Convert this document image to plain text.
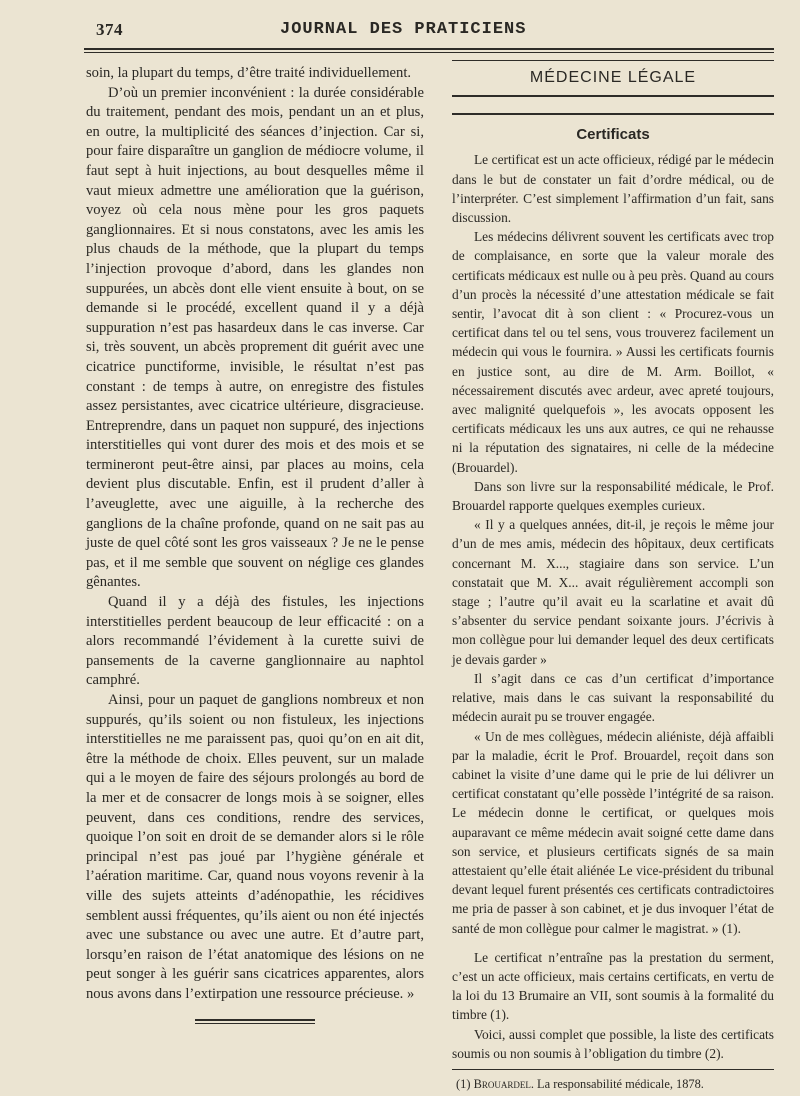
374	JOURNAL DES PRATICIENS

soin, la plupart du temps, d’être traité individuellement.

D’où un premier inconvénient : la durée considérable du traitement, pendant des mois, pendant un an et plus, en outre, la multiplicité des séances d’injection. Car si, pour faire disparaître un ganglion de médiocre volume, il faut sept à huit injections, au bout desquelles même il vaut mieux admettre une amélioration que la guérison, voyez où cela nous mène pour les gros paquets ganglionnaires. Et si nous constatons, avec les amis les plus chauds de la méthode, que la plupart du temps l’injection provoque d’abord, dans les glandes non suppurées, un abcès dont elle vient ensuite à bout, on se demande si le procédé, excellent quand il y a déjà suppuration n’est pas hasardeux dans le cas inverse. Car si, très souvent, un abcès proprement dit guérit avec une cicatrice punctiforme, invisible, le résultat n’est pas constant : de temps à autre, on enregistre des fistules assez persistantes, avec cicatrice ultérieure, disgracieuse. Entreprendre, dans un paquet non suppuré, des injections interstitielles qui vont durer des mois et des mois et se termineront peut-être ainsi, par places au moins, cela devient plus discutable. Enfin, est il prudent d’aller à l’aveuglette, avec une aiguille, à la recherche des ganglions de la chaîne profonde, quand on ne sait pas au juste de quel côté sont les gros vaisseaux ? Je ne le pense pas, et il me semble que souvent on néglige ces glandes gênantes.

Quand il y a déjà des fistules, les injections interstitielles perdent beaucoup de leur efficacité : on a alors recommandé l’évidement à la curette suivi de pansements de la caverne ganglionnaire au naphtol camphré.

Ainsi, pour un paquet de ganglions nombreux et non suppurés, qu’ils soient ou non fistuleux, les injections interstitielles ne me paraissent pas, quoi qu’on en ait dit, être la méthode de choix. Elles peuvent, sur un malade qui a le moyen de faire des séjours prolongés au bord de la mer et de consacrer de longs mois à se soigner, elles peuvent, dans ces conditions, rendre des services, quoique l’on soit en droit de se demander alors si le rôle principal n’est pas joué par l’hygiène générale et l’aération maritime. Car, quand nous voyons revenir à la ville des sujets atteints d’adénopathie, les récidives semblent aussi fréquentes, qu’ils aient ou non été injectés avec une substance ou avec une autre. Et d’autre part, lorsqu’en raison de l’état anatomique des lésions on ne peut songer à les guérir sans cicatrices apparentes, alors nous avons dans l’extirpation une ressource précieuse. »

MÉDECINE LÉGALE
Certificats

Le certificat est un acte officieux, rédigé par le médecin dans le but de constater un fait d’ordre médical, ou de l’interpréter. C’est simplement l’affirmation d’un fait, sans discussion.

Les médecins délivrent souvent les certificats avec trop de complaisance, en sorte que la valeur morale des certificats médicaux est nulle ou à peu près. Quand au cours d’un procès la nécessité d’une attestation médicale se fait sentir, l’avocat dit à son client : « Procurez-vous un certificat dans tel ou tel sens, vous trouverez facilement un médecin qui vous le fournira. » Aussi les certificats fournis en justice sont, au dire de M. Arm. Boillot, « nécessairement discutés avec ardeur, avec apreté toujours, avec malignité quelquefois », les avocats opposent les certificats médicaux les uns aux autres, ce qui ne rehausse ni la réputation des signataires, ni celle de la médecine (Brouardel).

Dans son livre sur la responsabilité médicale, le Prof. Brouardel rapporte quelques exemples curieux.

« Il y a quelques années, dit-il, je reçois le même jour d’un de mes amis, médecin des hôpitaux, deux certificats concernant M. X..., stagiaire dans son service. L’un constatait que M. X... avait régulièrement accompli son stage ; l’autre qu’il avait eu la scarlatine et avait dû s’absenter du service pendant soixante jours. J’écrivis à mon collègue pour lui demander lequel des deux certificats je devais garder »

Il s’agit dans ce cas d’un certificat d’importance relative, mais dans le cas suivant la responsabilité du médecin aurait pu se trouver engagée.

« Un de mes collègues, médecin aliéniste, déjà affaibli par la maladie, écrit le Prof. Brouardel, reçoit dans son cabinet la visite d’une dame qui le prie de lui délivrer un certificat constatant qu’elle possède l’intégrité de sa raison. Le médecin donne le certificat, or quelques mois auparavant ce même médecin avait soigné cette dame dans son service, et plusieurs certificats signés de sa main attestaient qu’elle était aliénée Le vice-président du tribunal devant lequel furent présentés ces certificats contradictoires me pria de passer à son cabinet, et je dus invoquer l’état de santé de mon collègue pour calmer le magistrat. » (1).

Le certificat n’entraîne pas la prestation du serment, c’est un acte officieux, mais certains certificats, en vertu de la loi du 13 Brumaire an VII, sont soumis à la formalité du timbre (1).

Voici, aussi complet que possible, la liste des certificats soumis ou non soumis à l’obligation du timbre (2).

(1) Brouardel. La responsabilité médicale, 1878.
